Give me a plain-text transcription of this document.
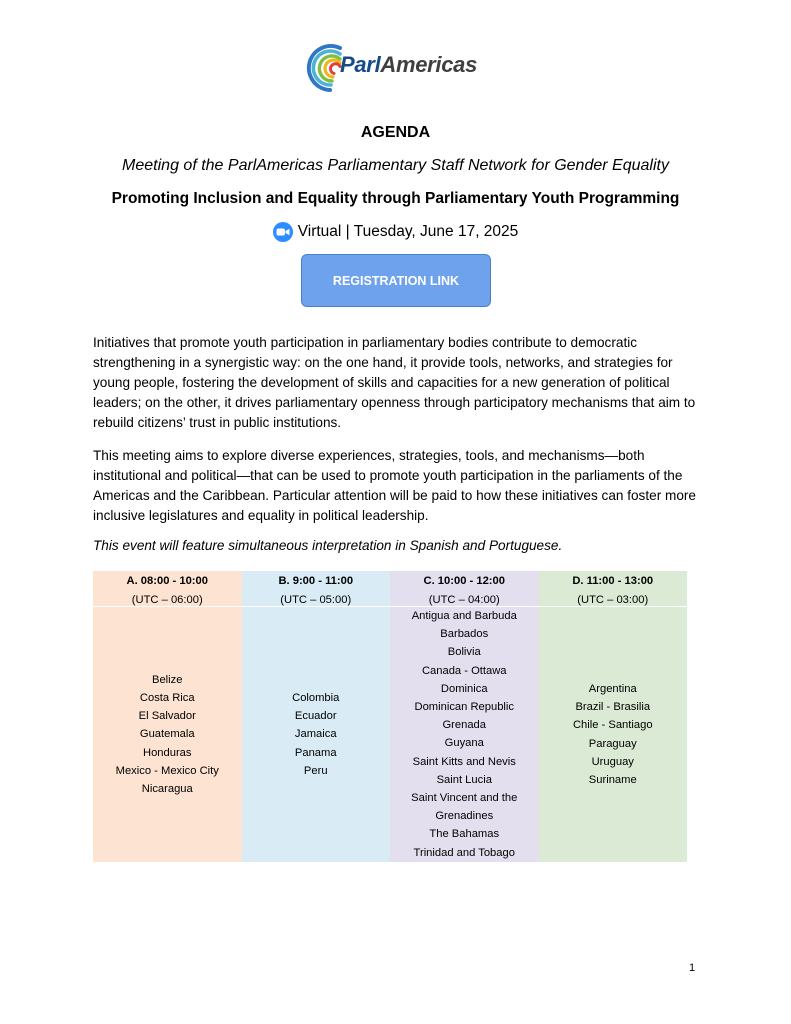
ParlAmericas
AGENDA
Meeting of the ParlAmericas Parliamentary Staff Network for Gender Equality
Promoting Inclusion and Equality through Parliamentary Youth Programming
Virtual | Tuesday, June 17, 2025
REGISTRATION LINK

Initiatives that promote youth participation in parliamentary bodies contribute to democratic strengthening in a synergistic way: on the one hand, it provide tools, networks, and strategies for young people, fostering the development of skills and capacities for a new generation of political leaders; on the other, it drives parliamentary openness through participatory mechanisms that aim to rebuild citizens’ trust in public institutions.

This meeting aims to explore diverse experiences, strategies, tools, and mechanisms—both institutional and political—that can be used to promote youth participation in the parliaments of the Americas and the Caribbean. Particular attention will be paid to how these initiatives can foster more inclusive legislatures and equality in political leadership.

This event will feature simultaneous interpretation in Spanish and Portuguese.

A. 08:00 - 10:00
(UTC – 06:00)
Belize
Costa Rica
El Salvador
Guatemala
Honduras
Mexico - Mexico City
Nicaragua
B. 9:00 - 11:00
(UTC – 05:00)
Colombia
Ecuador
Jamaica
Panama
Peru
C. 10:00 - 12:00
(UTC – 04:00)
Antigua and Barbuda
Barbados
Bolivia
Canada - Ottawa
Dominica
Dominican Republic
Grenada
Guyana
Saint Kitts and Nevis
Saint Lucia
Saint Vincent and the
Grenadines
The Bahamas
Trinidad and Tobago
D. 11:00 - 13:00
(UTC – 03:00)
Argentina
Brazil - Brasilia
Chile - Santiago
Paraguay
Uruguay
Suriname
1
